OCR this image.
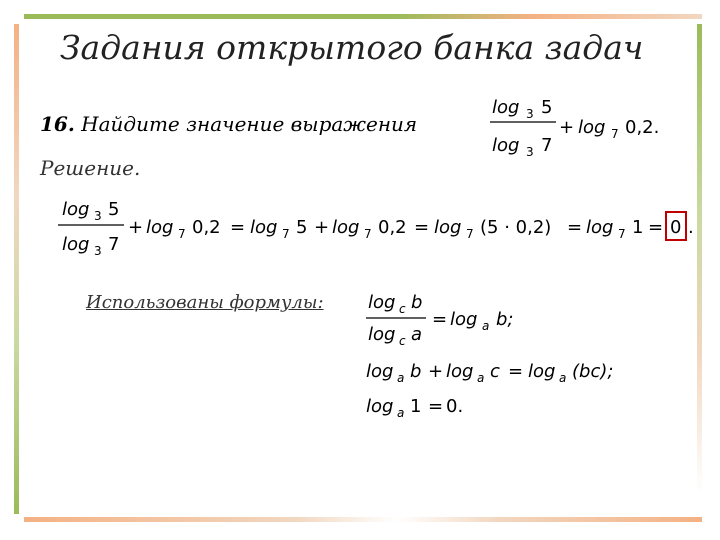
Задания открытого банка задач
16. Найдите значение выражения
Решение.
Использованы формулы:
log 3 5
log 3 7
+ log 7 0,2.
log 3 5
log 3 7
+ log 7 0,2 = log 7 5 + log 7 0,2 = log 7 (5 · 0,2) = log 7 1 = 0 .
log c b
log c a
= log a b;
log a b + log a c = log a (bc);
log a 1 = 0.
